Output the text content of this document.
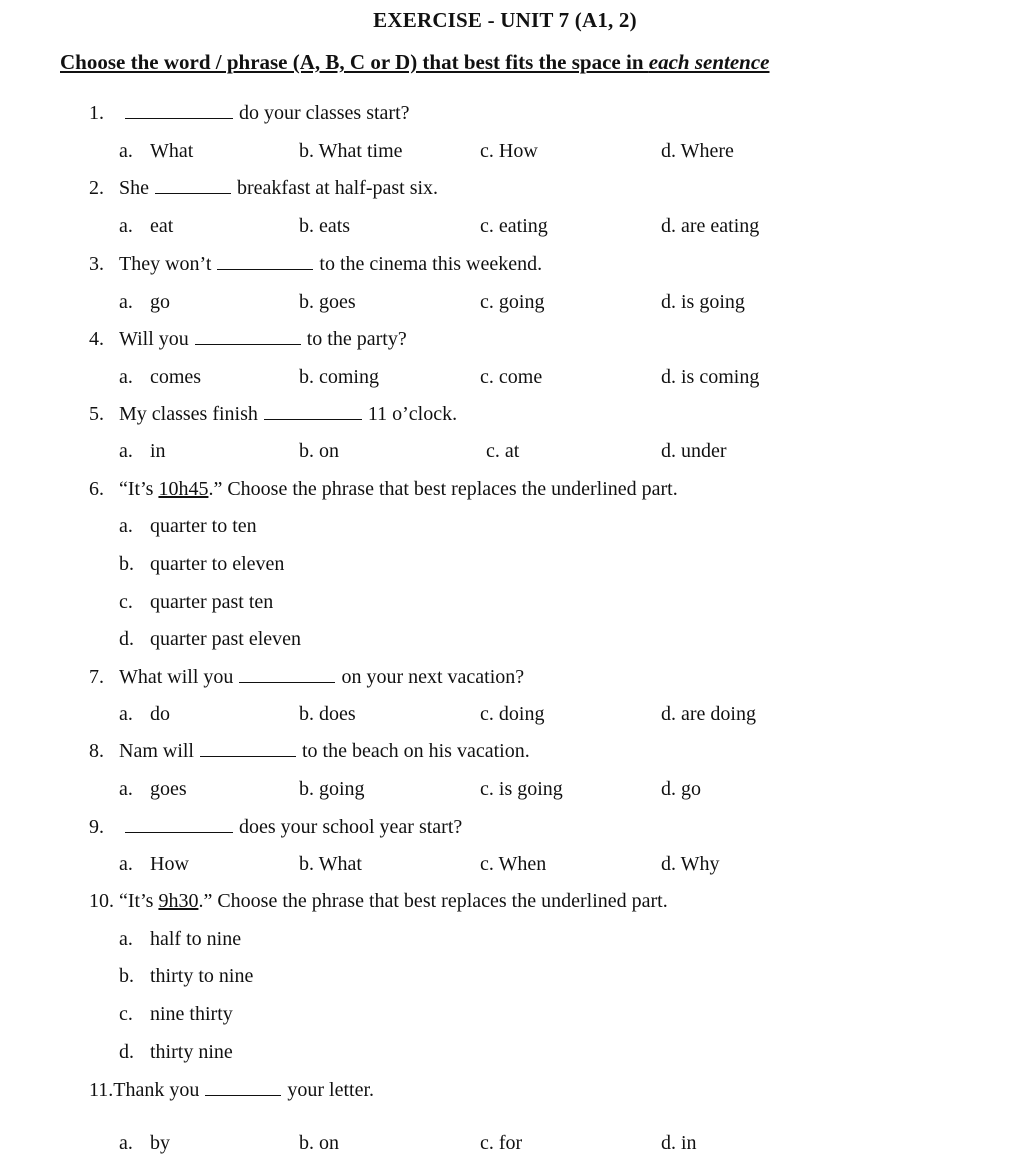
EXERCISE - UNIT 7 (A1, 2)
Choose the word / phrase (A, B, C or D) that best fits the space in each sentence
1.	do your classes start?
a. What	b. What time	c. How	d. Where
2. She	breakfast at half-past six.
a. eat	b. eats	c. eating	d. are eating
3. They won’t	to the cinema this weekend.
a. go	b. goes	c. going	d. is going
4. Will you	to the party?
a. comes	b. coming	c. come	d. is coming
5. My classes finish	11 o’clock.
a. in	b. on	c. at	d. under
6. “It’s 10h45.” Choose the phrase that best replaces the underlined part.
a. quarter to ten
b. quarter to eleven
c. quarter past ten
d. quarter past eleven
7. What will you	on your next vacation?
a. do	b. does	c. doing	d. are doing
8. Nam will	to the beach on his vacation.
a. goes	b. going	c. is going	d. go
9.	does your school year start?
a. How	b. What	c. When	d. Why
10. “It’s 9h30.” Choose the phrase that best replaces the underlined part.
a. half to nine
b. thirty to nine
c. nine thirty
d. thirty nine
11.Thank you	your letter.
a. by	b. on	c. for	d. in
